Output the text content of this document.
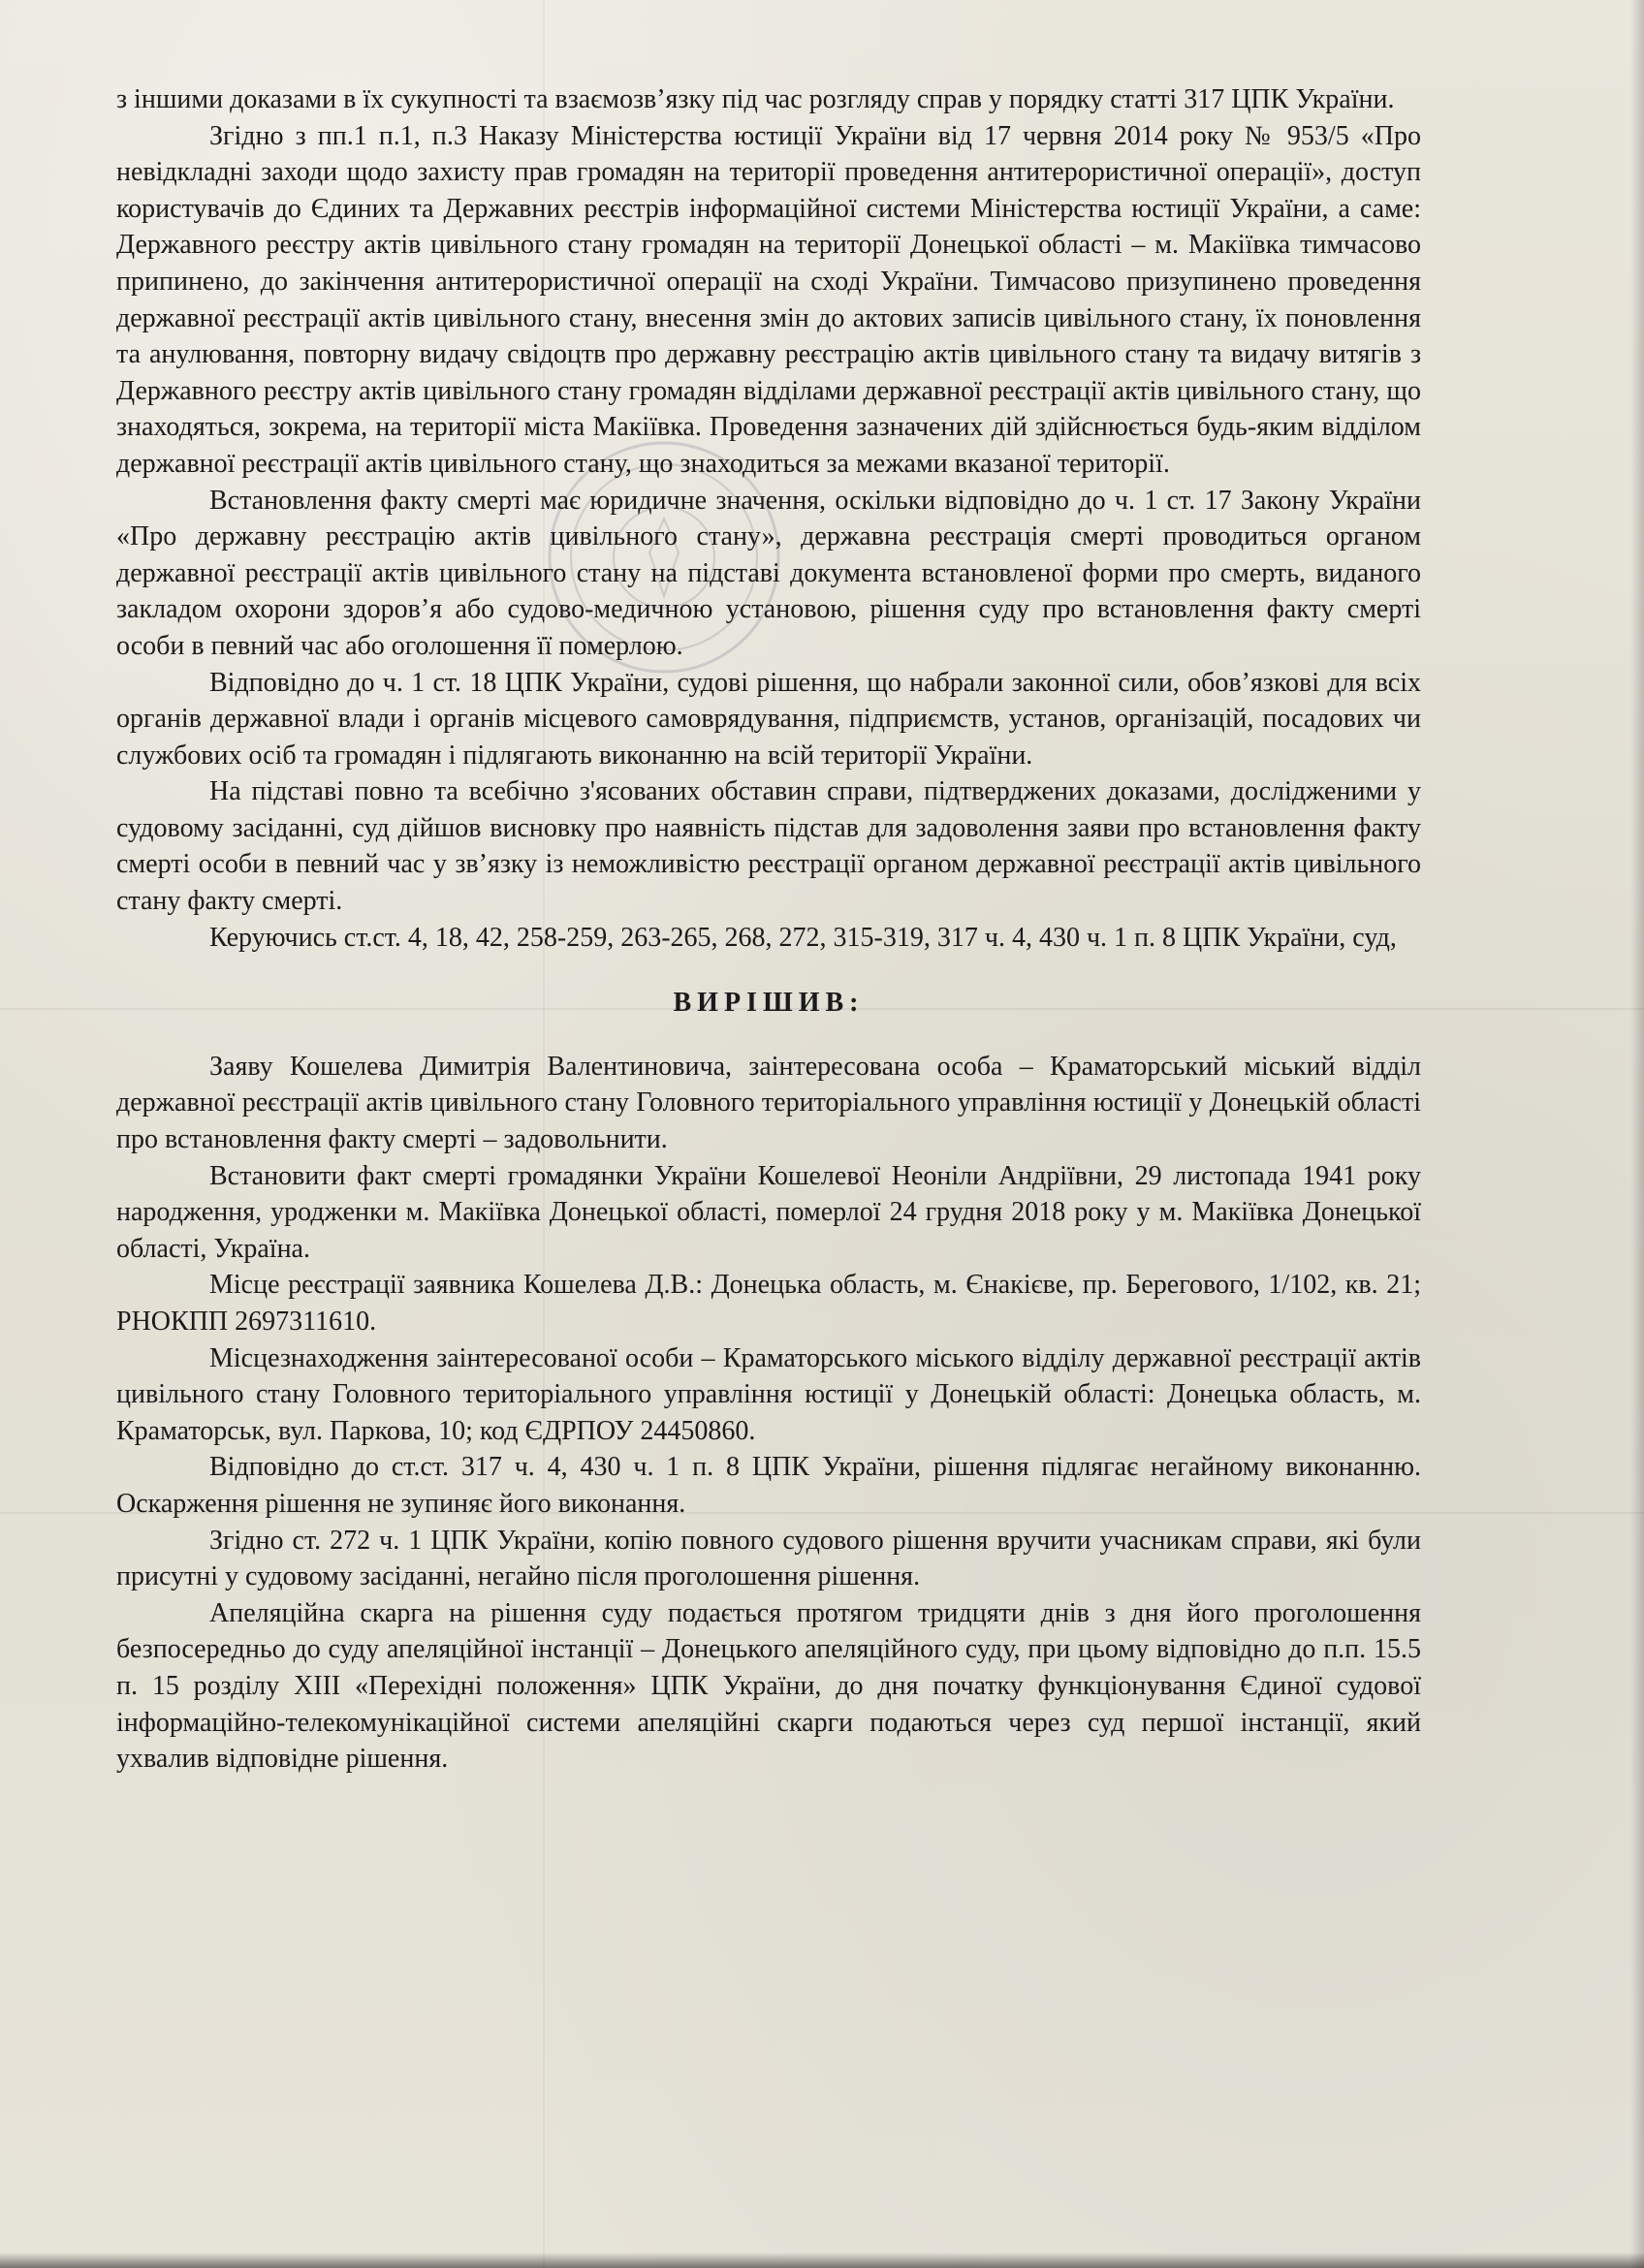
з іншими доказами в їх сукупності та взаємозв’язку під час розгляду справ у порядку статті 317 ЦПК України.

Згідно з пп.1 п.1, п.3 Наказу Міністерства юстиції України від 17 червня 2014 року № 953/5 «Про невідкладні заходи щодо захисту прав громадян на території проведення антитерористичної операції», доступ користувачів до Єдиних та Державних реєстрів інформаційної системи Міністерства юстиції України, а саме: Державного реєстру актів цивільного стану громадян на території Донецької області – м. Макіївка тимчасово припинено, до закінчення антитерористичної операції на сході України. Тимчасово призупинено проведення державної реєстрації актів цивільного стану, внесення змін до актових записів цивільного стану, їх поновлення та анулювання, повторну видачу свідоцтв про державну реєстрацію актів цивільного стану та видачу витягів з Державного реєстру актів цивільного стану громадян відділами державної реєстрації актів цивільного стану, що знаходяться, зокрема, на території міста Макіївка. Проведення зазначених дій здійснюється будь-яким відділом державної реєстрації актів цивільного стану, що знаходиться за межами вказаної території.

Встановлення факту смерті має юридичне значення, оскільки відповідно до ч. 1 ст. 17 Закону України «Про державну реєстрацію актів цивільного стану», державна реєстрація смерті проводиться органом державної реєстрації актів цивільного стану на підставі документа встановленої форми про смерть, виданого закладом охорони здоров’я або судово-медичною установою, рішення суду про встановлення факту смерті особи в певний час або оголошення її померлою.

Відповідно до ч. 1 ст. 18 ЦПК України, судові рішення, що набрали законної сили, обов’язкові для всіх органів державної влади і органів місцевого самоврядування, підприємств, установ, організацій, посадових чи службових осіб та громадян і підлягають виконанню на всій території України.

На підставі повно та всебічно з'ясованих обставин справи, підтверджених доказами, дослідженими у судовому засіданні, суд дійшов висновку про наявність підстав для задоволення заяви про встановлення факту смерті особи в певний час у зв’язку із неможливістю реєстрації органом державної реєстрації актів цивільного стану факту смерті.

Керуючись ст.ст. 4, 18, 42, 258-259, 263-265, 268, 272, 315-319, 317 ч. 4, 430 ч. 1 п. 8 ЦПК України, суд,

ВИРІШИВ:

Заяву Кошелева Димитрія Валентиновича, заінтересована особа – Краматорський міський відділ державної реєстрації актів цивільного стану Головного територіального управління юстиції у Донецькій області про встановлення факту смерті – задовольнити.

Встановити факт смерті громадянки України Кошелевої Неоніли Андріївни, 29 листопада 1941 року народження, уродженки м. Макіївка Донецької області, померлої 24 грудня 2018 року у м. Макіївка Донецької області, Україна.

Місце реєстрації заявника Кошелева Д.В.: Донецька область, м. Єнакієве, пр. Берегового, 1/102, кв. 21; РНОКПП 2697311610.

Місцезнаходження заінтересованої особи – Краматорського міського відділу державної реєстрації актів цивільного стану Головного територіального управління юстиції у Донецькій області: Донецька область, м. Краматорськ, вул. Паркова, 10; код ЄДРПОУ 24450860.

Відповідно до ст.ст. 317 ч. 4, 430 ч. 1 п. 8 ЦПК України, рішення підлягає негайному виконанню. Оскарження рішення не зупиняє його виконання.

Згідно ст. 272 ч. 1 ЦПК України, копію повного судового рішення вручити учасникам справи, які були присутні у судовому засіданні, негайно після проголошення рішення.

Апеляційна скарга на рішення суду подається протягом тридцяти днів з дня його проголошення безпосередньо до суду апеляційної інстанції – Донецького апеляційного суду, при цьому відповідно до п.п. 15.5 п. 15 розділу XIII «Перехідні положення» ЦПК України, до дня початку функціонування Єдиної судової інформаційно-телекомунікаційної системи апеляційні скарги подаються через суд першої інстанції, який ухвалив відповідне рішення.
